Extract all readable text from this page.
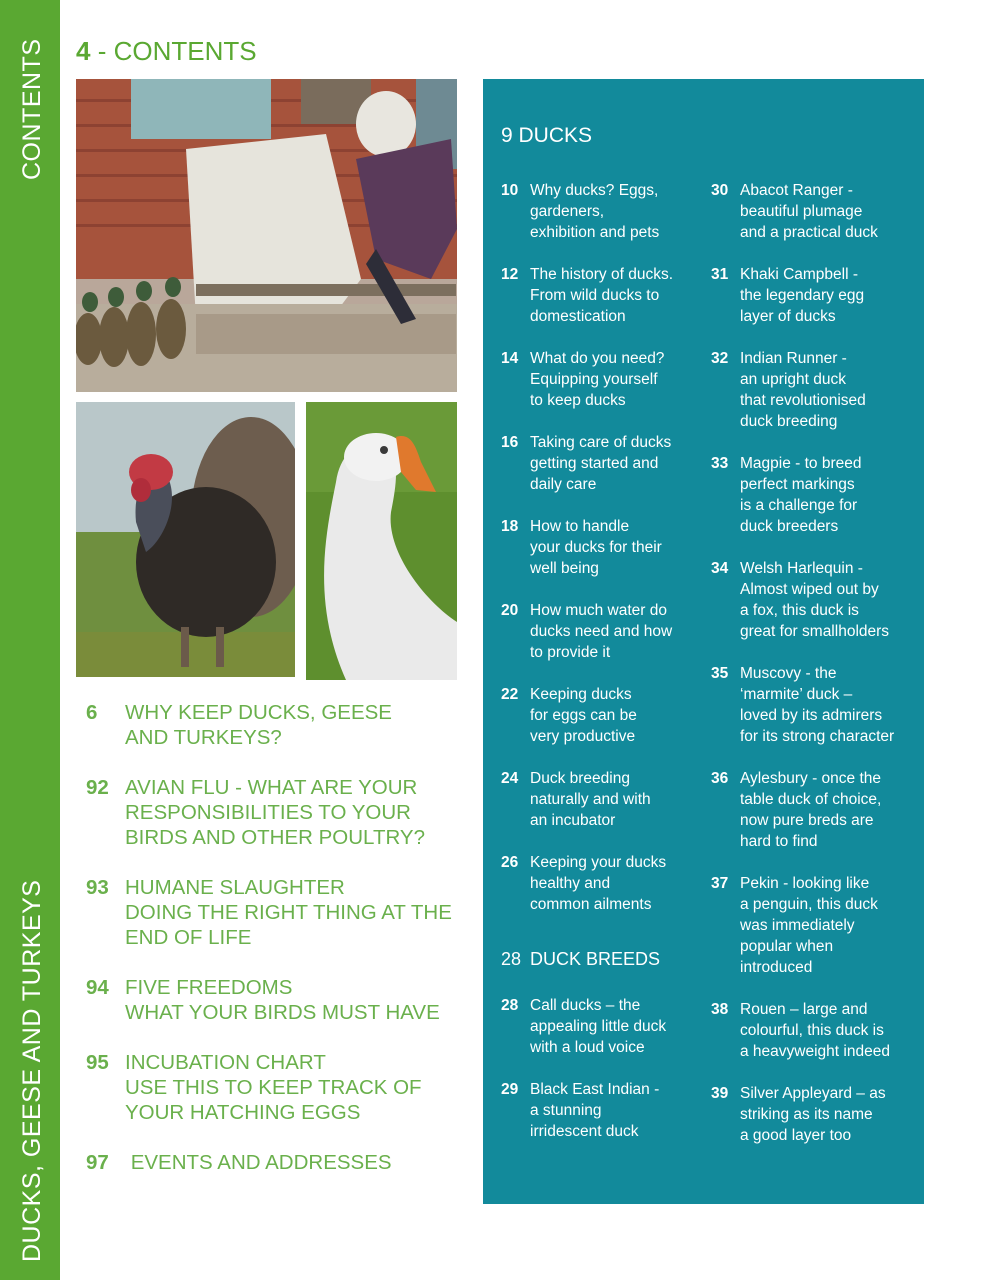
CONTENTS
DUCKS, GEESE AND TURKEYS
4 - CONTENTS
6	WHY KEEP DUCKS, GEESE
AND TURKEYS?
92 AVIAN FLU - WHAT ARE YOUR
RESPONSIBILITIES TO YOUR
BIRDS AND OTHER POULTRY?
93 HUMANE SLAUGHTER
DOING THE RIGHT THING AT THE
END OF LIFE
94 FIVE FREEDOMS
WHAT YOUR BIRDS MUST HAVE
95 INCUBATION CHART
USE THIS TO KEEP TRACK OF
YOUR HATCHING EGGS
97 EVENTS AND ADDRESSES
9 DUCKS
10 Why ducks? Eggs,
gardeners,
exhibition and pets
12 The history of ducks.
From wild ducks to
domestication
14 What do you need?
Equipping yourself
to keep ducks
16 Taking care of ducks
getting started and
daily care
18 How to handle
your ducks for their
well being
20 How much water do
ducks need and how
to provide it
22 Keeping ducks
for eggs can be
very productive
24 Duck breeding
naturally and with
an incubator
26 Keeping your ducks
healthy and
common ailments
28 DUCK BREEDS
28 Call ducks – the
appealing little duck
with a loud voice
29 Black East Indian -
a stunning
irridescent duck
30 Abacot Ranger -
beautiful plumage
and a practical duck
31 Khaki Campbell -
the legendary egg
layer of ducks
32 Indian Runner -
an upright duck
that revolutionised
duck breeding
33 Magpie - to breed
perfect markings
is a challenge for
duck breeders
34 Welsh Harlequin -
Almost wiped out by
a fox, this duck is
great for smallholders
35 Muscovy - the
‘marmite’ duck –
loved by its admirers
for its strong character
36 Aylesbury - once the
table duck of choice,
now pure breds are
hard to find
37 Pekin - looking like
a penguin, this duck
was immediately
popular when
introduced
38 Rouen – large and
colourful, this duck is
a heavyweight indeed
39 Silver Appleyard – as
striking as its name
a good layer too
